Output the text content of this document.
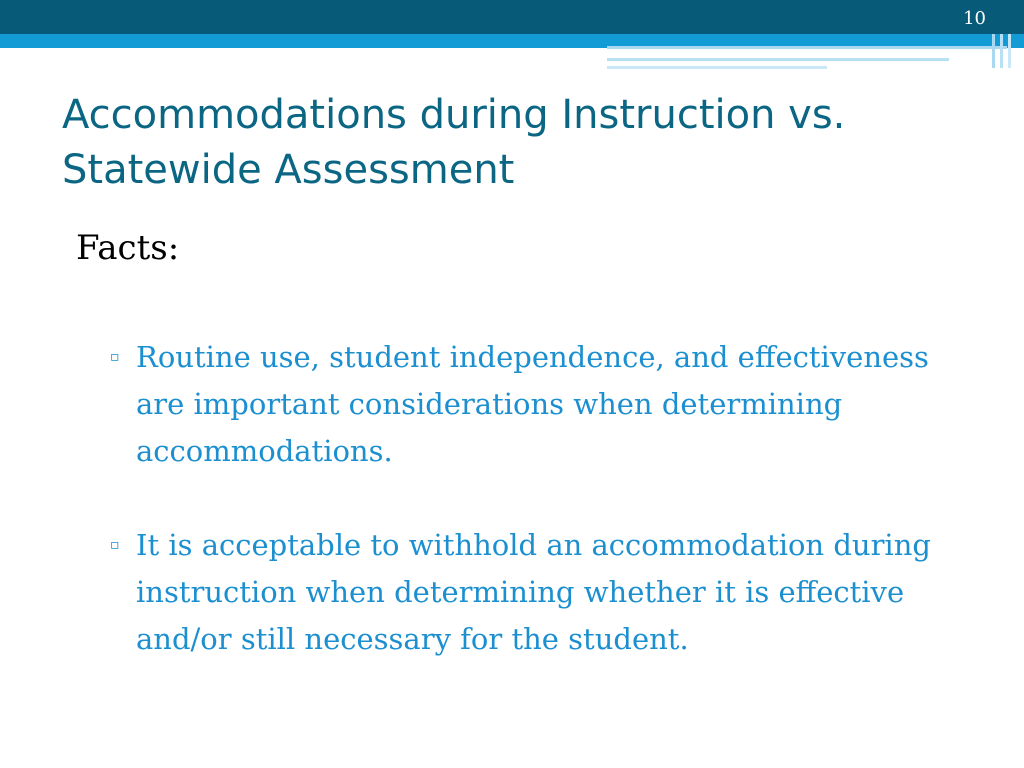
10
Accommodations during Instruction vs. Statewide Assessment
Facts:
▫ Routine use, student independence, and effectiveness are important considerations when determining accommodations.
▫ It is acceptable to withhold an accommodation during instruction when determining whether it is effective and/or still necessary for the student.
